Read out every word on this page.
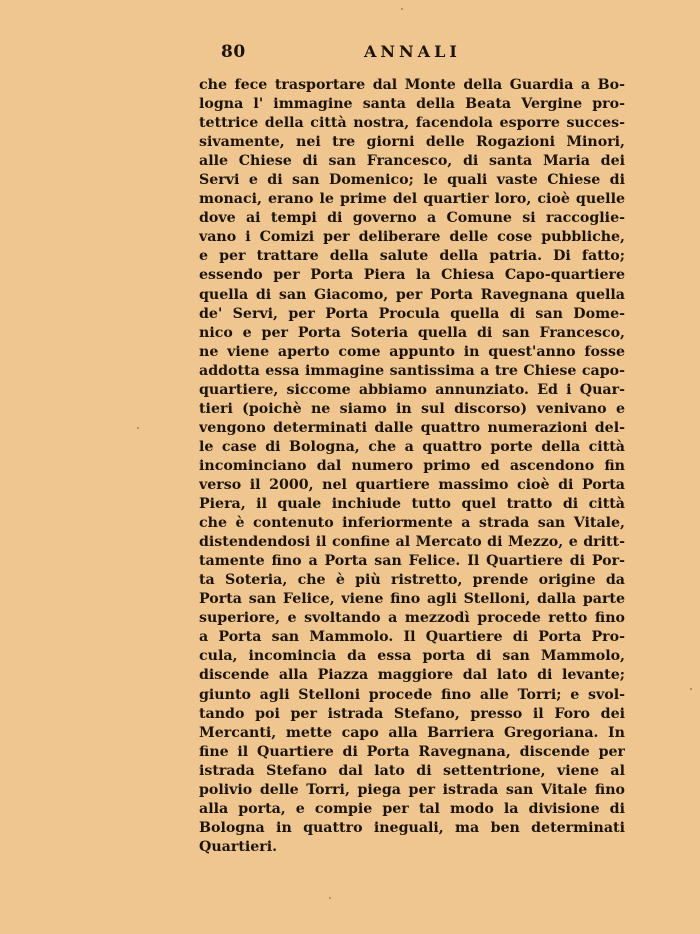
80	ANNALI
che fece trasportare dal Monte della Guardia a Bo-
logna l' immagine santa della Beata Vergine pro-
tettrice della città nostra, facendola esporre succes-
sivamente, nei tre giorni delle Rogazioni Minori,
alle Chiese di san Francesco, di santa Maria dei
Servi e di san Domenico; le quali vaste Chiese di
monaci, erano le prime del quartier loro, cioè quelle
dove ai tempi di governo a Comune si raccoglie-
vano i Comizi per deliberare delle cose pubbliche,
e per trattare della salute della patria. Di fatto;
essendo per Porta Piera la Chiesa Capo-quartiere
quella di san Giacomo, per Porta Ravegnana quella
de' Servi, per Porta Procula quella di san Dome-
nico e per Porta Soteria quella di san Francesco,
ne viene aperto come appunto in quest'anno fosse
addotta essa immagine santissima a tre Chiese capo-
quartiere, siccome abbiamo annunziato. Ed i Quar-
tieri (poichè ne siamo in sul discorso) venivano e
vengono determinati dalle quattro numerazioni del-
le case di Bologna, che a quattro porte della città
incominciano dal numero primo ed ascendono fin
verso il 2000, nel quartiere massimo cioè di Porta
Piera, il quale inchiude tutto quel tratto di città
che è contenuto inferiormente a strada san Vitale,
distendendosi il confine al Mercato di Mezzo, e dritt-
tamente fino a Porta san Felice. Il Quartiere di Por-
ta Soteria, che è più ristretto, prende origine da
Porta san Felice, viene fino agli Stelloni, dalla parte
superiore, e svoltando a mezzodì procede retto fino
a Porta san Mammolo. Il Quartiere di Porta Pro-
cula, incomincia da essa porta di san Mammolo,
discende alla Piazza maggiore dal lato di levante;
giunto agli Stelloni procede fino alle Torri; e svol-
tando poi per istrada Stefano, presso il Foro dei
Mercanti, mette capo alla Barriera Gregoriana. In
fine il Quartiere di Porta Ravegnana, discende per
istrada Stefano dal lato di settentrione, viene al
polivio delle Torri, piega per istrada san Vitale fino
alla porta, e compie per tal modo la divisione di
Bologna in quattro ineguali, ma ben determinati
Quartieri.
